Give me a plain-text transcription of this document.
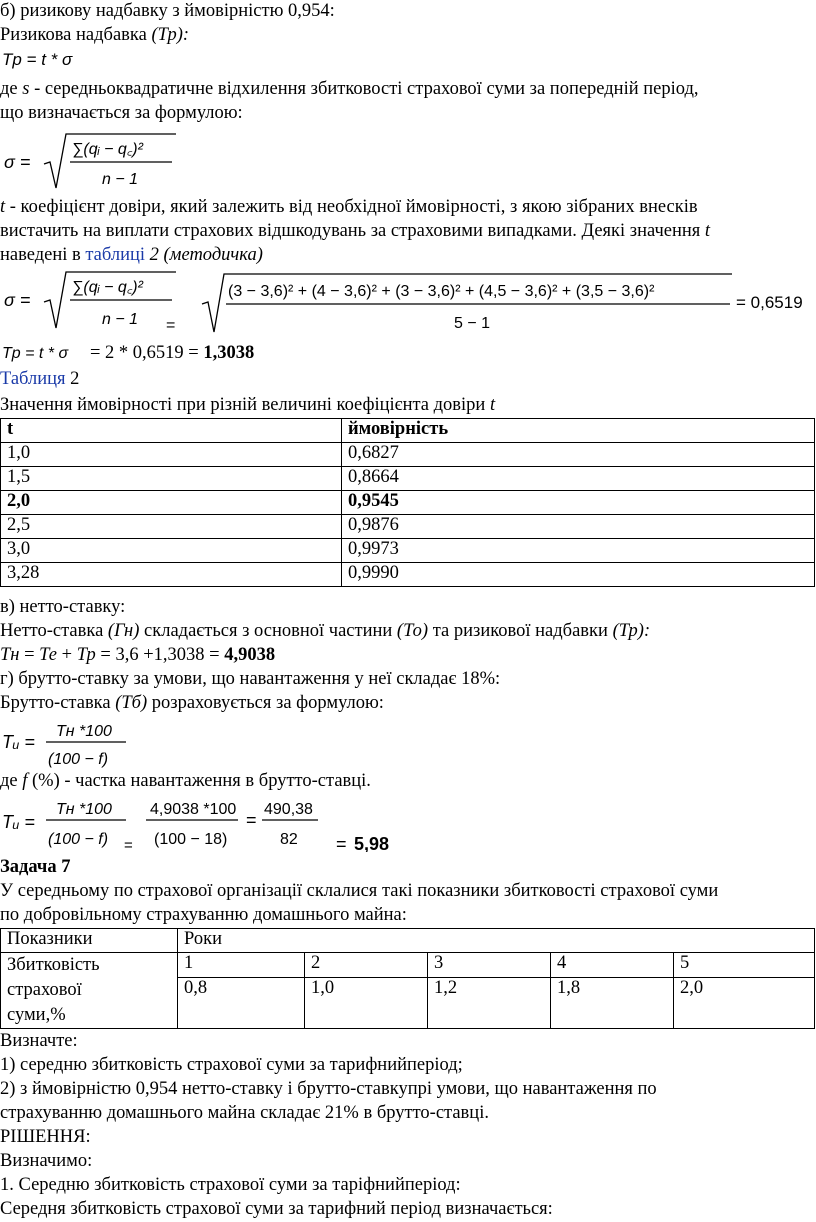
б) ризикову надбавку з ймовірністю 0,954:
Ризикова надбавка (Тр):
Tp = t * σ
де s - середньоквадратичне відхилення збитковості страхової суми за попередній період,
що визначається за формулою:
σ =
∑(qᵢ − q꜀)²
n − 1
t - коефіцієнт довіри, який залежить від необхідної ймовірності, з якою зібраних внесків
вистачить на виплати страхових відшкодувань за страховими випадками. Деякі значення t
наведені в таблиці 2 (методичка)
σ =
∑(qᵢ − q꜀)²
n − 1 =
(3 − 3,6)² + (4 − 3,6)² + (3 − 3,6)² + (4,5 − 3,6)² + (3,5 − 3,6)²
5 − 1
= 0,6519
Tp = t * σ = 2 * 0,6519 = 1,3038
Таблиця 2
Значення ймовірності при різній величині коефіцієнта довіри t
t	ймовірність
1,0	0,6827
1,5	0,8664
2,0	0,9545
2,5	0,9876
3,0	0,9973
3,28	0,9990
в) нетто-ставку:
Нетто-ставка (Гн) складається з основної частини (То) та ризикової надбавки (Тр):
Тн = Те + Тр = 3,6 +1,3038 = 4,9038
г) брутто-ставку за умови, що навантаження у неї складає 18%:
Брутто-ставка (Тб) розраховується за формулою:
Tᵤ =
Tн *100
(100 − f)
де f (%) - частка навантаження в брутто-ставці.
Tᵤ =
Tн *100
(100 − f) =
4,9038 *100
(100 − 18)
=
490,38
82 = 5,98
Задача 7
У середньому по страхової організації склалися такі показники збитковості страхової суми
по добровільному страхуванню домашнього майна:
Показники	Роки				
Збитковість
страхової
суми,%	1	2	3	4	5
	0,8	1,0	1,2	1,8	2,0
Визначте:
1) середню збитковість страхової суми за тарифнийперіод;
2) з ймовірністю 0,954 нетто-ставку і брутто-ставкупрі умови, що навантаження по
страхуванню домашнього майна складає 21% в брутто-ставці.
РІШЕННЯ:
Визначимо:
1. Середню збитковість страхової суми за таріфнийперіод:
Середня збитковість страхової суми за тарифний період визначається:
